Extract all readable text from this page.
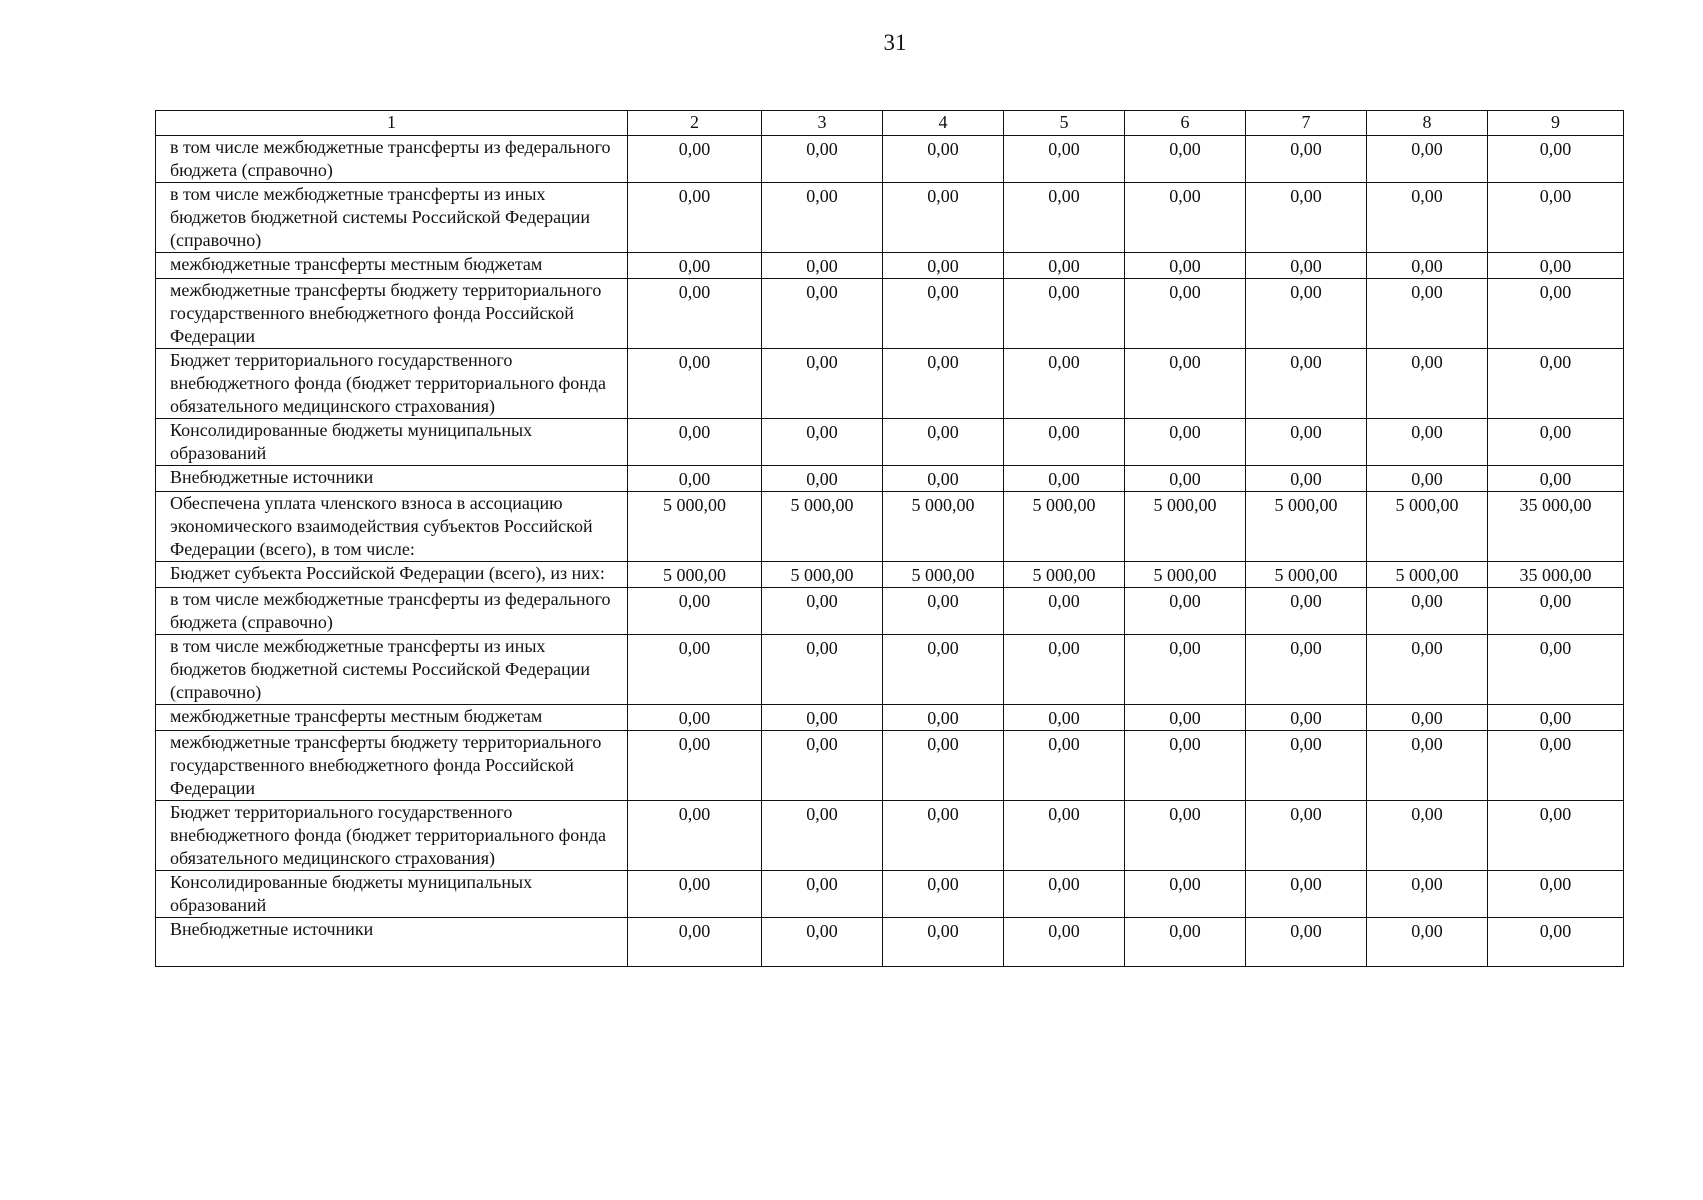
31
1	2	3	4	5	6	7	8	9
в том числе межбюджетные трансферты из федерального бюджета (справочно)	0,00	0,00	0,00	0,00	0,00	0,00	0,00	0,00
в том числе межбюджетные трансферты из иных бюджетов бюджетной системы Российской Федерации (справочно)	0,00	0,00	0,00	0,00	0,00	0,00	0,00	0,00
межбюджетные трансферты местным бюджетам	0,00	0,00	0,00	0,00	0,00	0,00	0,00	0,00
межбюджетные трансферты бюджету территориального государственного внебюджетного фонда Российской Федерации	0,00	0,00	0,00	0,00	0,00	0,00	0,00	0,00
Бюджет территориального государственного внебюджетного фонда (бюджет территориального фонда обязательного медицинского страхования)	0,00	0,00	0,00	0,00	0,00	0,00	0,00	0,00
Консолидированные бюджеты муниципальных образований	0,00	0,00	0,00	0,00	0,00	0,00	0,00	0,00
Внебюджетные источники	0,00	0,00	0,00	0,00	0,00	0,00	0,00	0,00
Обеспечена уплата членского взноса в ассоциацию экономического взаимодействия субъектов Российской Федерации (всего), в том числе:	5 000,00	5 000,00	5 000,00	5 000,00	5 000,00	5 000,00	5 000,00	35 000,00
Бюджет субъекта Российской Федерации (всего), из них:	5 000,00	5 000,00	5 000,00	5 000,00	5 000,00	5 000,00	5 000,00	35 000,00
в том числе межбюджетные трансферты из федерального бюджета (справочно)	0,00	0,00	0,00	0,00	0,00	0,00	0,00	0,00
в том числе межбюджетные трансферты из иных бюджетов бюджетной системы Российской Федерации (справочно)	0,00	0,00	0,00	0,00	0,00	0,00	0,00	0,00
межбюджетные трансферты местным бюджетам	0,00	0,00	0,00	0,00	0,00	0,00	0,00	0,00
межбюджетные трансферты бюджету территориального государственного внебюджетного фонда Российской Федерации	0,00	0,00	0,00	0,00	0,00	0,00	0,00	0,00
Бюджет территориального государственного внебюджетного фонда (бюджет территориального фонда обязательного медицинского страхования)	0,00	0,00	0,00	0,00	0,00	0,00	0,00	0,00
Консолидированные бюджеты муниципальных образований	0,00	0,00	0,00	0,00	0,00	0,00	0,00	0,00
Внебюджетные источники	0,00	0,00	0,00	0,00	0,00	0,00	0,00	0,00
